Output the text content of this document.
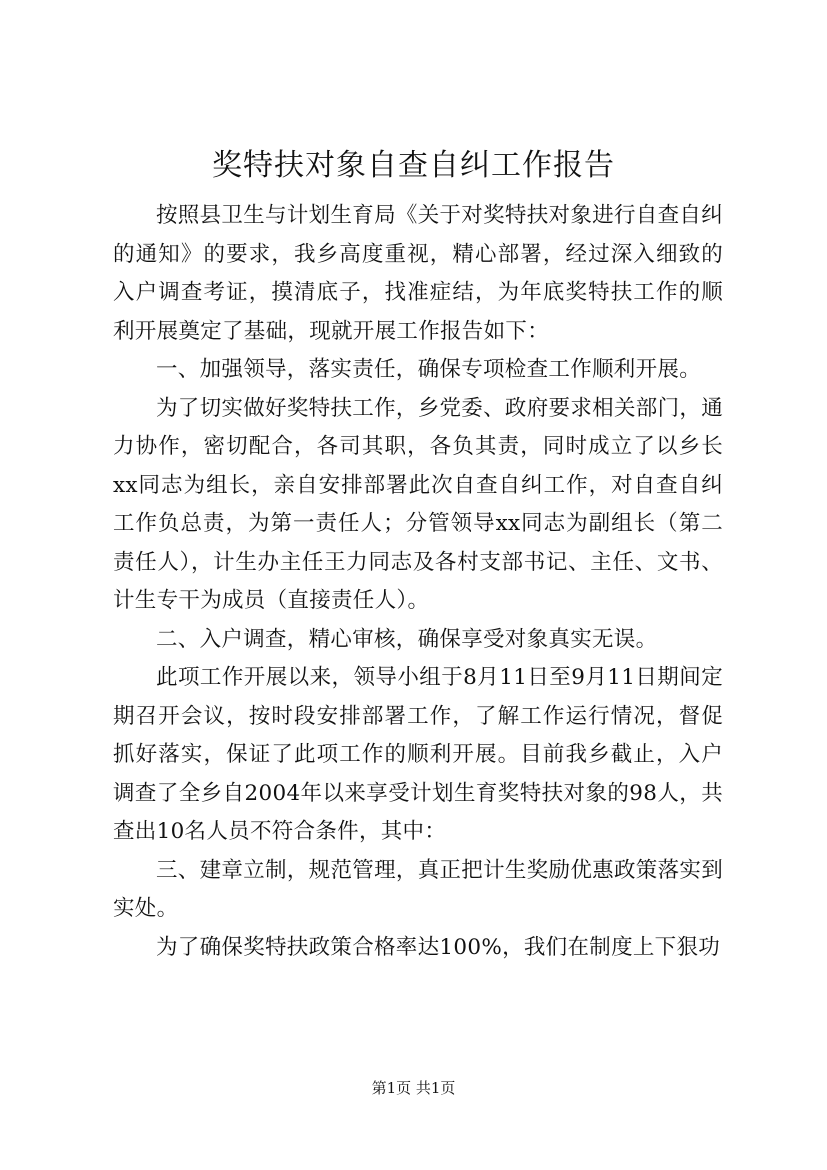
奖特扶对象自查自纠工作报告

按照县卫生与计划生育局《关于对奖特扶对象进行自查自纠的通知》的要求，我乡高度重视，精心部署，经过深入细致的入户调查考证，摸清底子，找准症结，为年底奖特扶工作的顺利开展奠定了基础，现就开展工作报告如下：

一、加强领导，落实责任，确保专项检查工作顺利开展。

为了切实做好奖特扶工作，乡党委、政府要求相关部门，通力协作，密切配合，各司其职，各负其责，同时成立了以乡长xx同志为组长，亲自安排部署此次自查自纠工作，对自查自纠工作负总责，为第一责任人；分管领导xx同志为副组长（第二责任人），计生办主任王力同志及各村支部书记、主任、文书、计生专干为成员（直接责任人）。

二、入户调查，精心审核，确保享受对象真实无误。

此项工作开展以来，领导小组于8月11日至9月11日期间定期召开会议，按时段安排部署工作，了解工作运行情况，督促抓好落实，保证了此项工作的顺利开展。目前我乡截止，入户调查了全乡自2004年以来享受计划生育奖特扶对象的98人，共查出10名人员不符合条件，其中：

三、建章立制，规范管理，真正把计生奖励优惠政策落实到实处。

为了确保奖特扶政策合格率达100%，我们在制度上下狠功

第1页 共1页
